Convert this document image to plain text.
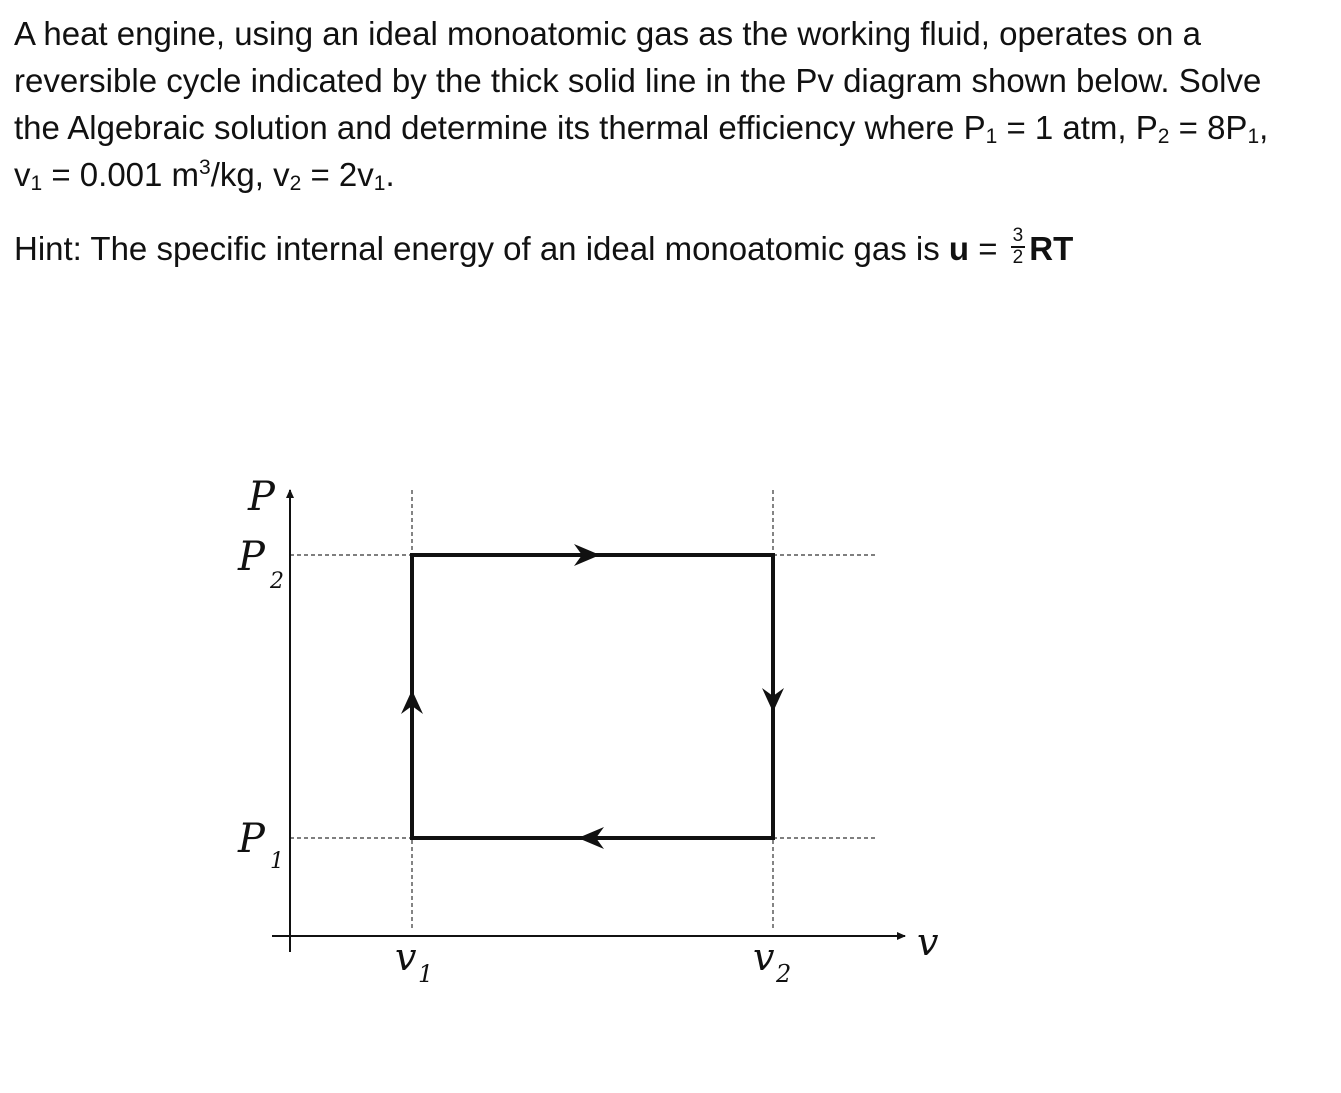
A heat engine, using an ideal monoatomic gas as the working fluid, operates on a reversible cycle indicated by the thick solid line in the Pv diagram shown below. Solve the Algebraic solution and determine its thermal efficiency where P1 = 1 atm, P2 = 8P1, v1 = 0.001 $m^3/kg$, v2 = 2v1.

Hint: The specific internal energy of an ideal monoatomic gas is $u = \frac{3}{2}$ RT
P
v
P
2
P 1
v 1	v 2
